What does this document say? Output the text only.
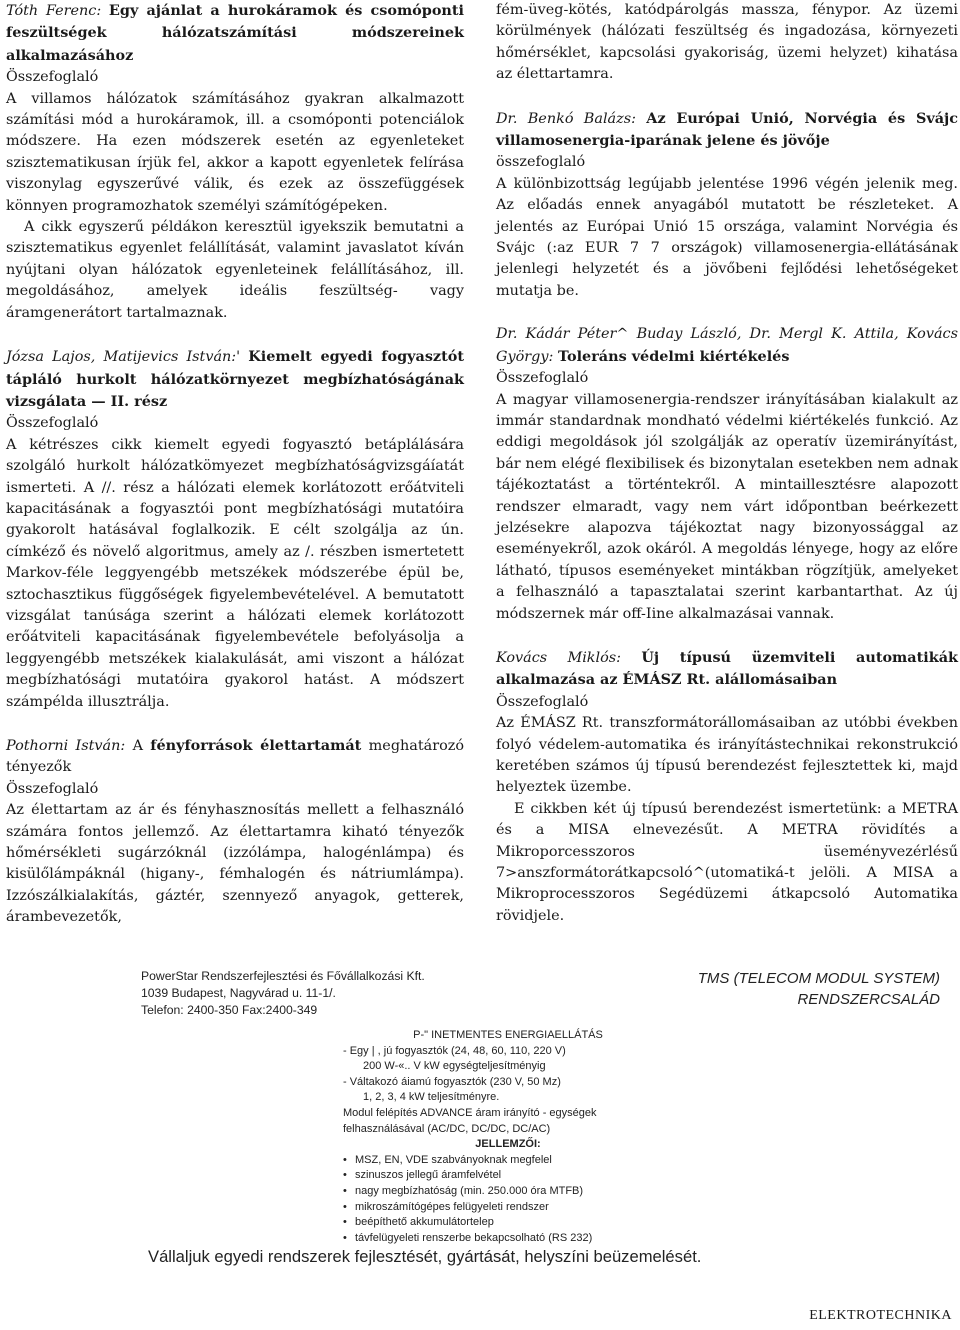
Tóth Ferenc: Egy ajánlat a hurokáramok és csomóponti feszültségek hálózatszámítási módszereinek alkalmazásához

Összefoglaló

A villamos hálózatok számításához gyakran alkalmazott számítási mód a hurokáramok, ill. a csomóponti potenciálok módszere. Ha ezen módszerek esetén az egyenleteket szisztematikusan írjük fel, akkor a kapott egyenletek felírása viszonylag egyszerűvé válik, és ezek az összefüggések könnyen programozhatok személyi számítógépeken.

A cikk egyszerű példákon keresztül igyekszik bemutatni a szisztematikus egyenlet felállítását, valamint javaslatot kíván nyújtani olyan hálózatok egyenleteinek felállításához, ill. megoldásához, amelyek ideális feszültség- vagy áramgenerátort tartalmaznak.

Józsa Lajos, Matijevics István:' Kiemelt egyedi fogyasztót tápláló hurkolt hálózatkörnyezet megbízhatóságának vizsgálata — II. rész

Összefoglaló

A kétrészes cikk kiemelt egyedi fogyasztó betáplálására szolgáló hurkolt hálózatkömyezet megbízhatóságvizsgáíatát ismerteti. A //. rész a hálózati elemek korlátozott erőátviteli kapacitásának a fogyasztói pont megbízhatósági mutatóira gyakorolt hatásával foglalkozik. E célt szolgálja az ún. címkéző és növelő algoritmus, amely az /. részben ismertetett Markov-féle leggyengébb metszékek módszerébe épül be, sztochasztikus függőségek figyelembevételével. A bemutatott vizsgálat tanúsága szerint a hálózati elemek korlátozott erőátviteli kapacitásának figyelembevétele befolyásolja a leggyengébb metszékek kialakulását, ami viszont a hálózat megbízhatósági mutatóira gyakorol hatást. A módszert számpélda illusztrálja.

Pothorni István: A fényforrások élettartamát meghatározó tényezők

Összefoglaló

Az élettartam az ár és fényhasznosítás mellett a felhasználó számára fontos jellemző. Az élettartamra kiható tényezők hőmérsékleti sugárzóknál (izzólámpa, halogénlámpa) és kisülőlámpáknál (higany-, fémhalogén és nátriumlámpa). Izzószálkialakítás, gáztér, szennyező anyagok, getterek, árambevezetők,

fém-üveg-kötés, katódpárolgás massza, fénypor. Az üzemi körülmények (hálózati feszültség és ingadozása, környezeti hőmérséklet, kapcsolási gyakoriság, üzemi helyzet) kihatása az élettartamra.

Dr. Benkó Balázs: Az Európai Unió, Norvégia és Svájc villamosenergia-iparának jelene és jövője

összefoglaló

A különbizottság legújabb jelentése 1996 végén jelenik meg. Az előadás ennek anyagából mutatott be részleteket. A jelentés az Európai Unió 15 országa, valamint Norvégia és Svájc (:az EUR 7 7 országok) villamosenergia-ellátásának jelenlegi helyzetét és a jövőbeni fejlődési lehetőségeket mutatja be.

Dr. Kádár Péter^ Buday László, Dr. Mergl K. Attila, Kovács György: Toleráns védelmi kiértékelés

Összefoglaló

A magyar villamosenergia-rendszer irányításában kialakult az immár standardnak mondható védelmi kiértékelés funkció. Az eddigi megoldások jól szolgálják az operatív üzemirányítást, bár nem elégé flexibilisek és bizonytalan esetekben nem adnak tájékoztatást a történtekről. A mintaillesztésre alapozott rendszer elmaradt, vagy nem várt időpontban beérkezett jelzésekre alapozva tájékoztat nagy bizonyossággal az eseményekről, azok okáról. A megoldás lényege, hogy az előre látható, típusos eseményeket mintákban rögzítjük, amelyeket a felhasználó a tapasztalatai szerint karbantarthat. Az új módszernek már off-Iine alkalmazásai vannak.

Kovács Miklós: Új típusú üzemviteli automatikák alkalmazása az ÉMÁSZ Rt. alállomásaiban

Összefoglaló

Az ÉMÁSZ Rt. transzformátorállomásaiban az utóbbi években folyó védelem-automatika és irányítástechnikai rekonstrukció keretében számos új típusú berendezést fejlesztettek ki, majd helyeztek üzembe.

E cikkben két új típusú berendezést ismertetünk: a METRA és a MISA elnevezésűt. A METRA rövidítés a Mikroporcesszoros üseményvezérlésű 7>anszformátorátkapcsoló^(utomatiká-t jelöli. A MISA a Mikroprocesszoros Segédüzemi átkapcsoló Automatika rövidjele.

PowerStar Rendszerfejlesztési és Fővállalkozási Kft.
1039 Budapest, Nagyvárad u. 11-1/.
Telefon: 2400-350 Fax:2400-349
TMS (TELECOM MODUL SYSTEM)
RENDSZERCSALÁD
P-" INETMENTES ENERGIAELLÁTÁS
- Egy | , jú fogyasztók (24, 48, 60, 110, 220 V)
200 W-«.. V kW egységteljesítményig
- Váltakozó áiamú fogyasztók (230 V, 50 Mz)
1, 2, 3, 4 kW teljesítményre.
Modul felépítés ADVANCE áram irányító - egységek
felhasználásával (AC/DC, DC/DC, DC/AC)
JELLEMZŐI:
• MSZ, EN, VDE szabványoknak megfelel
• szinuszos jellegű áramfelvétel
• nagy megbízhatóság (min. 250.000 óra MTFB)
• mikroszámítógépes felügyeleti rendszer
• beépíthető akkumulátortelep
• távfelügyeleti renszerbe bekapcsolható (RS 232)
Vállaljuk egyedi rendszerek fejlesztését, gyártását, helyszíni beüzemelését.
ELEKTROTECHNIKA
